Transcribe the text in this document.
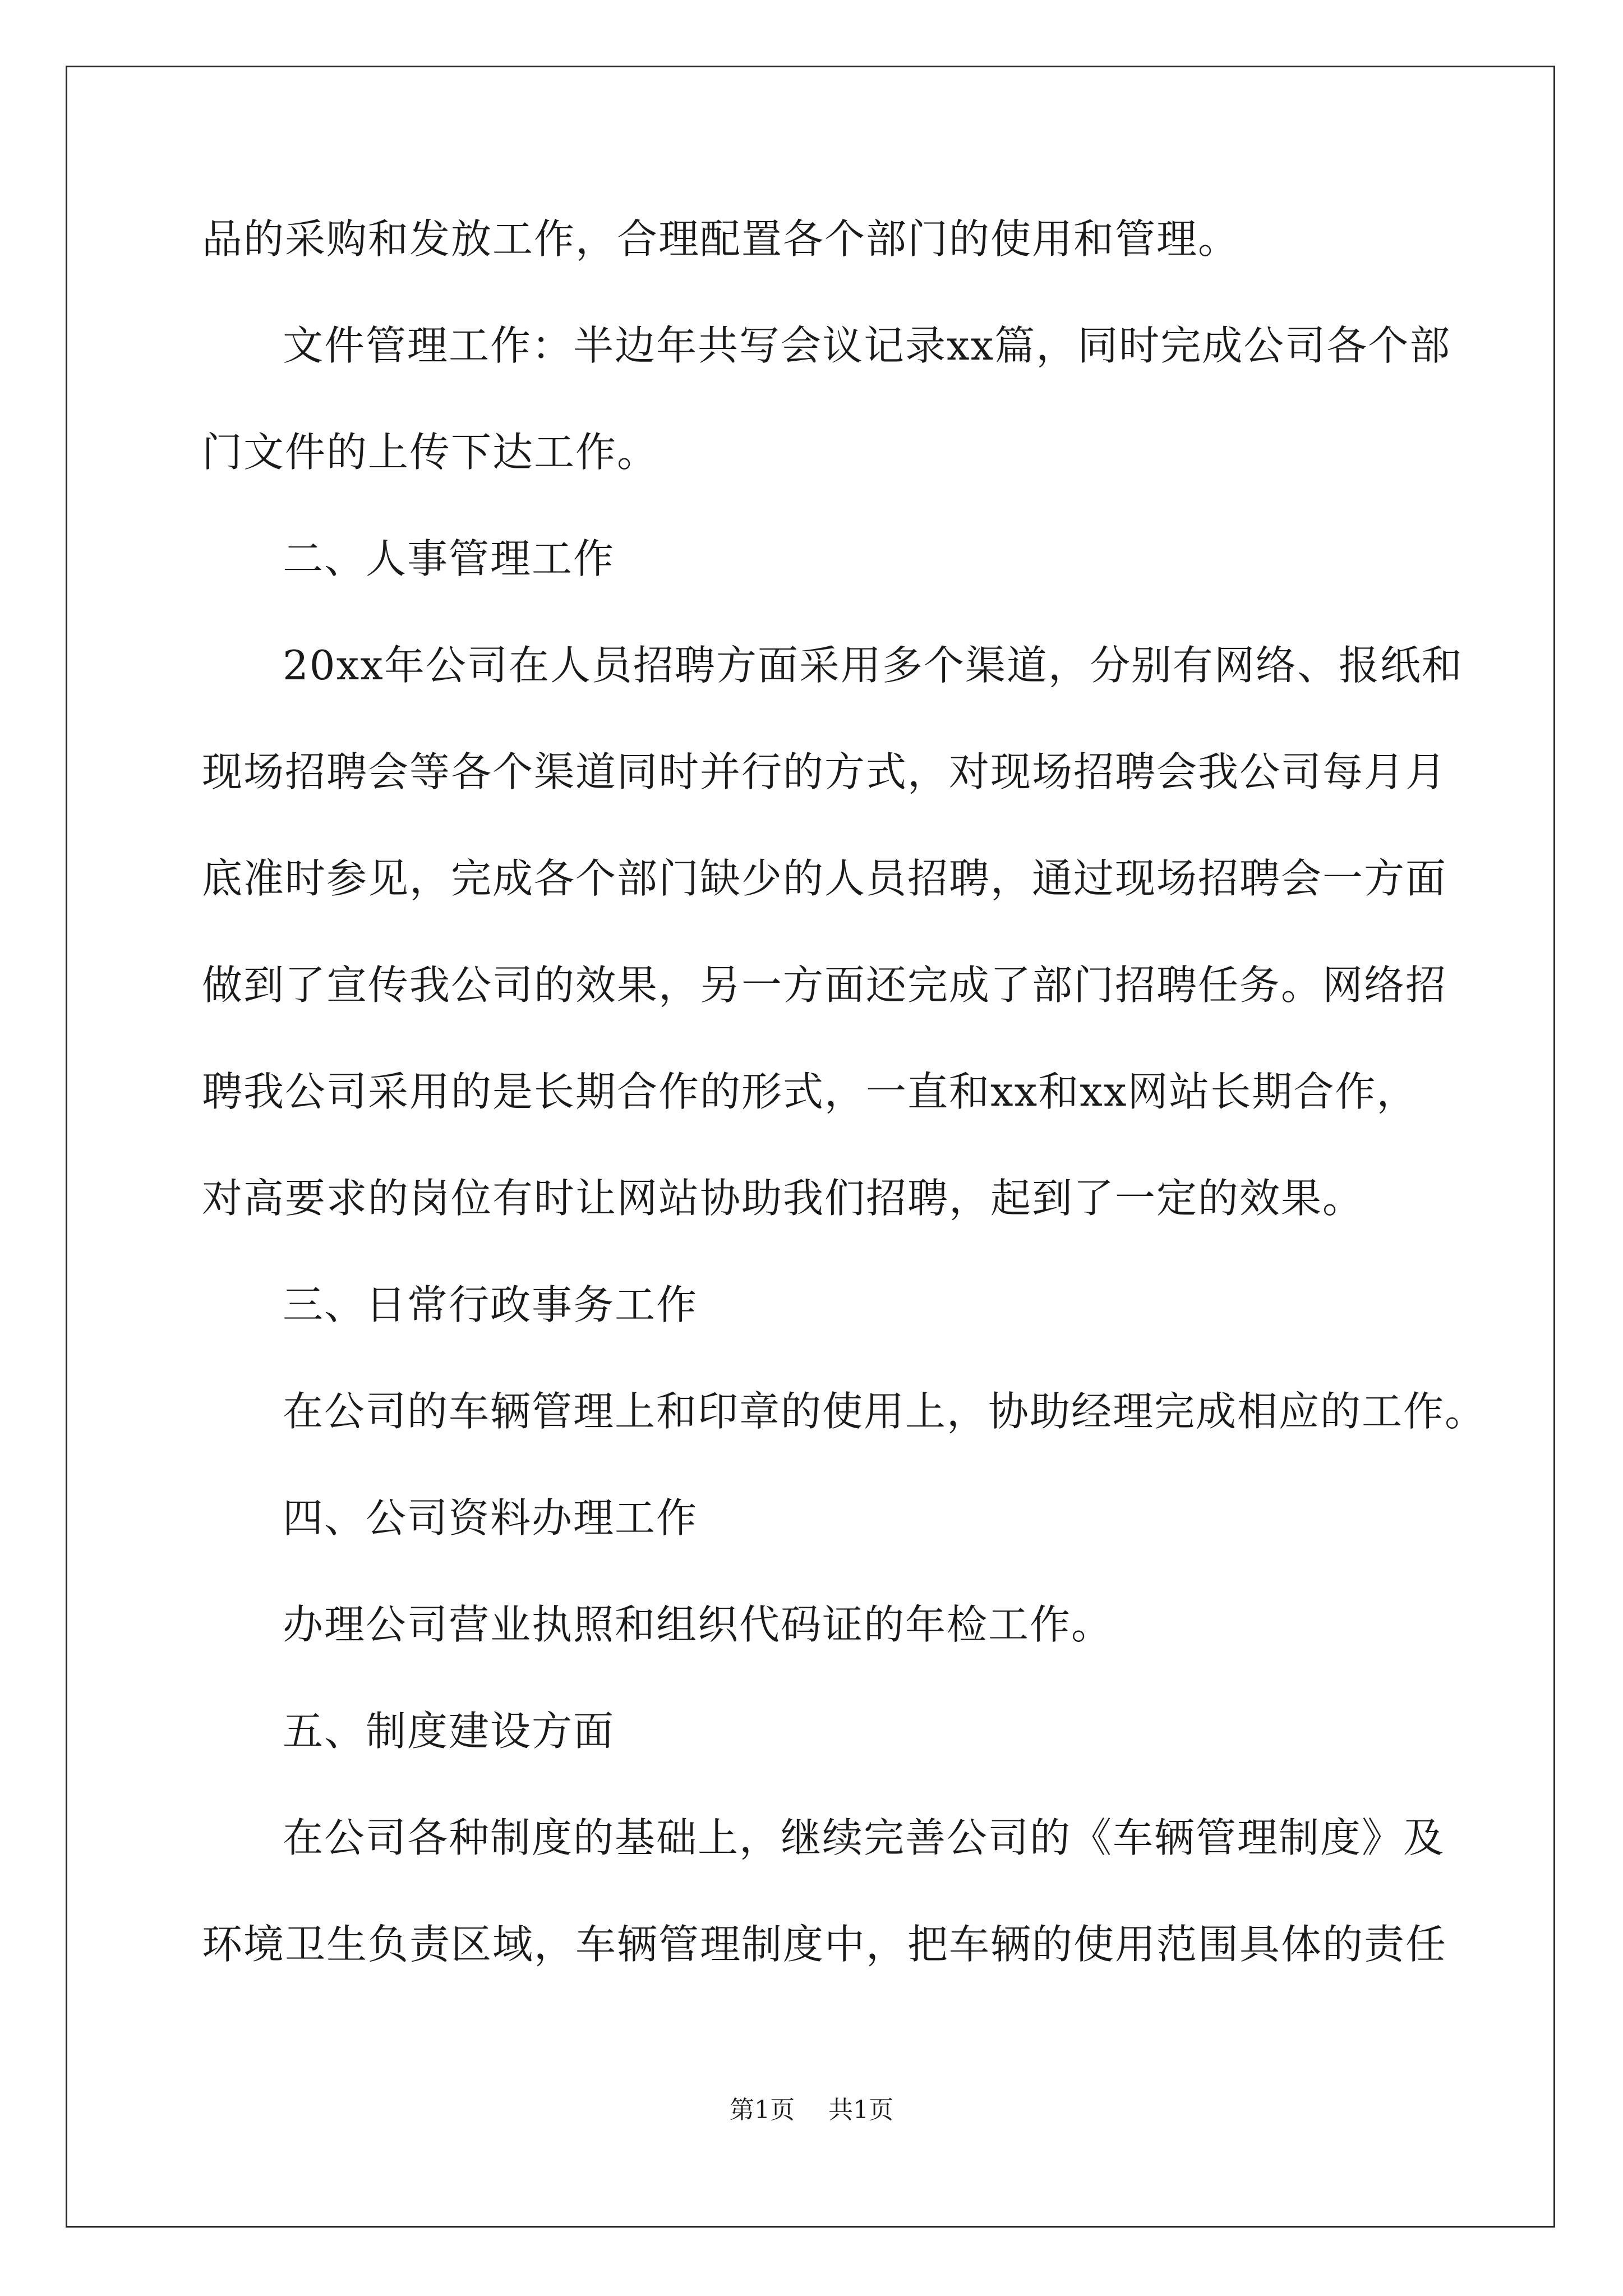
品的采购和发放工作，合理配置各个部门的使用和管理。
文件管理工作：半边年共写会议记录xx篇，同时完成公司各个部
门文件的上传下达工作。
二、人事管理工作
20xx年公司在人员招聘方面采用多个渠道，分别有网络、报纸和
现场招聘会等各个渠道同时并行的方式，对现场招聘会我公司每月月
底准时参见，完成各个部门缺少的人员招聘，通过现场招聘会一方面
做到了宣传我公司的效果，另一方面还完成了部门招聘任务。网络招
聘我公司采用的是长期合作的形式，一直和xx和xx网站长期合作，
对高要求的岗位有时让网站协助我们招聘，起到了一定的效果。
三、日常行政事务工作
在公司的车辆管理上和印章的使用上，协助经理完成相应的工作。
四、公司资料办理工作
办理公司营业执照和组织代码证的年检工作。
五、制度建设方面
在公司各种制度的基础上，继续完善公司的《车辆管理制度》及
环境卫生负责区域，车辆管理制度中，把车辆的使用范围具体的责任
第1页 共1页
